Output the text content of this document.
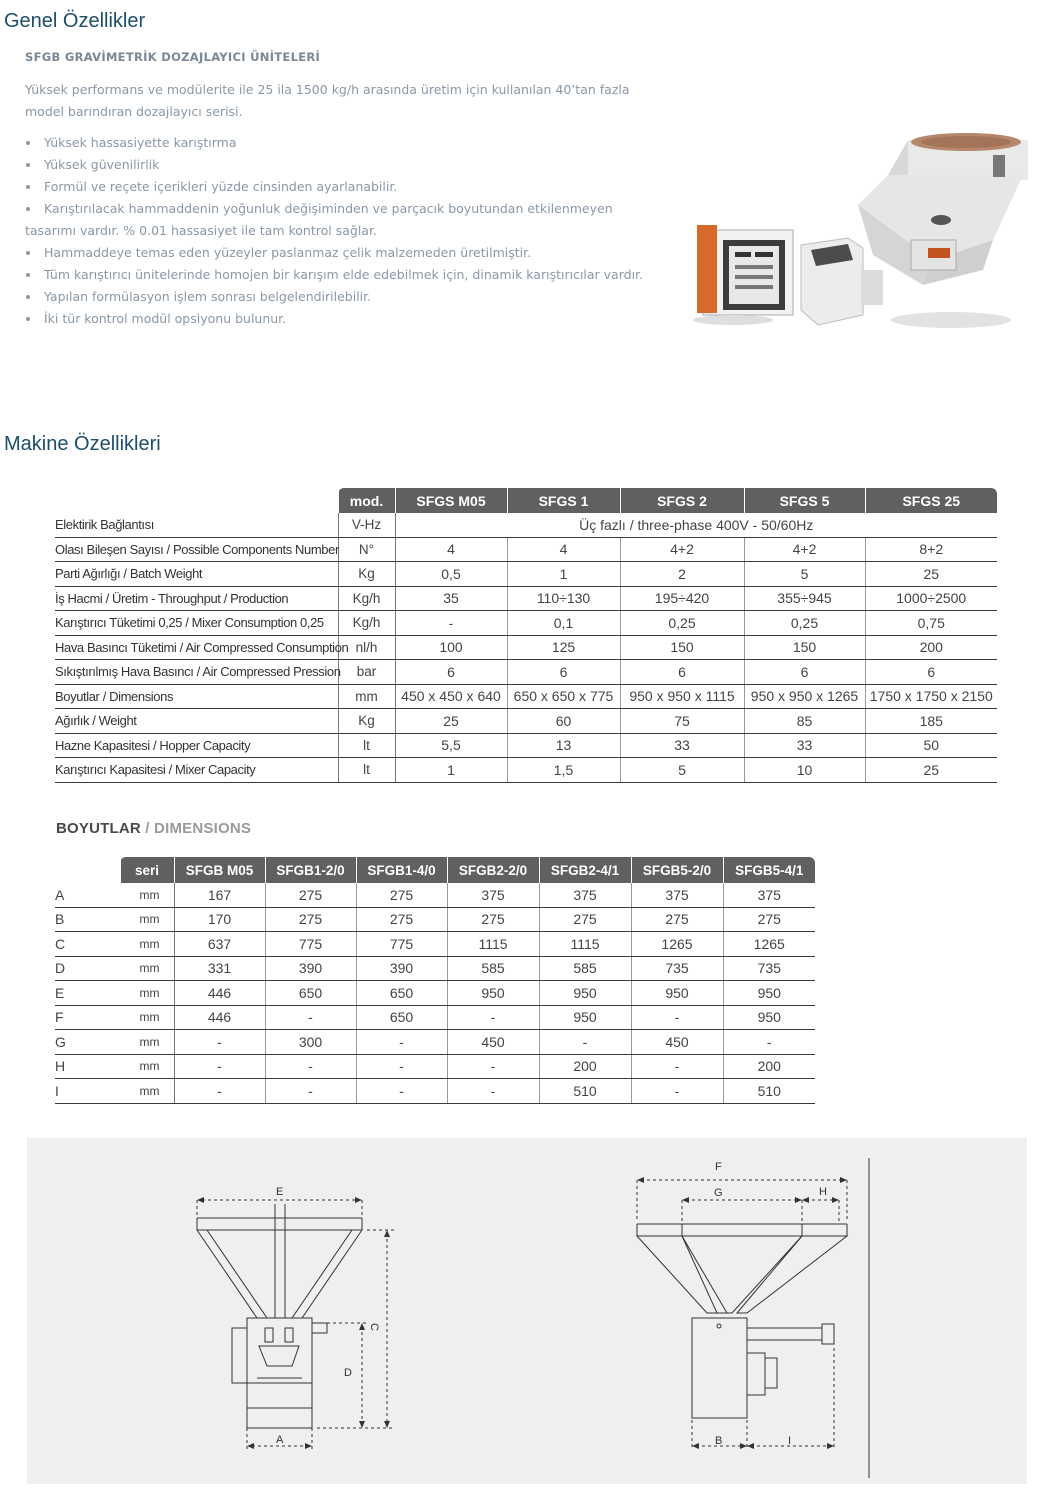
Genel Özellikler
SFGB GRAVİMETRİK DOZAJLAYICI ÜNİTELERİ
Yüksek performans ve modülerite ile 25 ila 1500 kg/h arasında üretim için kullanılan 40’tan fazla model barındıran dozajlayıcı serisi.
Yüksek hassasiyette karıştırma
Yüksek güvenilirlik
Formül ve reçete içerikleri yüzde cinsinden ayarlanabilir.
Karıştırılacak hammaddenin yoğunluk değişiminden ve parçacık boyutundan etkilenmeyen tasarımı vardır. % 0.01 hassasiyet ile tam kontrol sağlar.
Hammaddeye temas eden yüzeyler paslanmaz çelik malzemeden üretilmiştir.
Tüm karıştırıcı ünitelerinde homojen bir karışım elde edebilmek için, dinamik karıştırıcılar vardır.
Yapılan formülasyon işlem sonrası belgelendirilebilir.
İki tür kontrol modül opsiyonu bulunur.
Makine Özellikleri
	mod.	SFGS M05	SFGS 1	SFGS 2	SFGS 5	SFGS 25
Elektirik Bağlantısı	V-Hz	Üç fazlı / three-phase 400V - 50/60Hz				
Olası Bileşen Sayısı / Possible Components Number	N°	4	4	4+2	4+2	8+2
Parti Ağırlığı / Batch Weight	Kg	0,5	1	2	5	25
İş Hacmi / Üretim - Throughput / Production	Kg/h	35	110÷130	195÷420	355÷945	1000÷2500
Karıştırıcı Tüketimi 0,25 / Mixer Consumption 0,25	Kg/h	-	0,1	0,25	0,25	0,75
Hava Basıncı Tüketimi / Air Compressed Consumption	nl/h	100	125	150	150	200
Sıkıştırılmış Hava Basıncı / Air Compressed Pression	bar	6	6	6	6	6
Boyutlar / Dimensions	mm	450 x 450 x 640	650 x 650 x 775	950 x 950 x 1115	950 x 950 x 1265	1750 x 1750 x 2150
Ağırlık / Weight	Kg	25	60	75	85	185
Hazne Kapasitesi / Hopper Capacity	lt	5,5	13	33	33	50
Karıştırıcı Kapasitesi / Mixer Capacity	lt	1	1,5	5	10	25
BOYUTLAR / DIMENSIONS
	seri	SFGB M05	SFGB1-2/0	SFGB1-4/0	SFGB2-2/0	SFGB2-4/1	SFGB5-2/0	SFGB5-4/1
A	mm	167	275	275	375	375	375	375
B	mm	170	275	275	275	275	275	275
C	mm	637	775	775	1115	1115	1265	1265
D	mm	331	390	390	585	585	735	735
E	mm	446	650	650	950	950	950	950
F	mm	446	-	650	-	950	-	950
G	mm	-	300	-	450	-	450	-
H	mm	-	-	-	-	200	-	200
I	mm	-	-	-	-	510	-	510
E
C
D
A
F
G	H
B	I
